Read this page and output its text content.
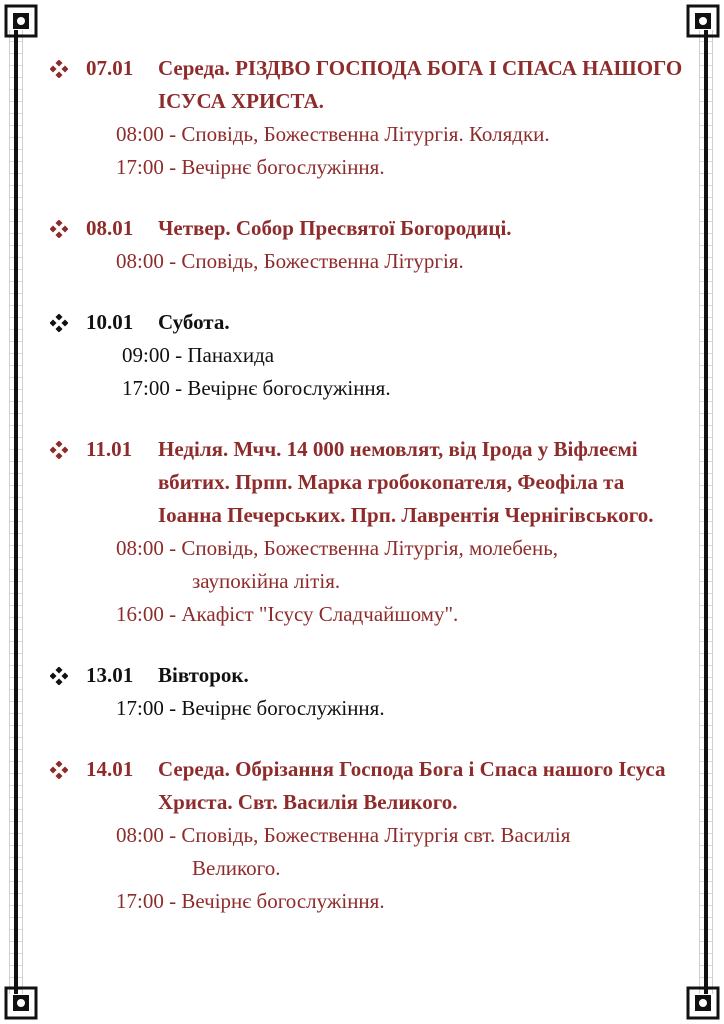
07.01	Середа. РІЗДВО ГОСПОДА БОГА І СПАСА НАШОГО ІСУСА ХРИСТА.
08:00 - Сповідь, Божественна Літургія. Колядки.
17:00 - Вечірнє богослужіння.
08.01	Четвер. Собор Пресвятої Богородиці.
08:00 - Сповідь, Божественна Літургія.
10.01	Субота.
09:00 - Панахида
17:00 - Вечірнє богослужіння.
11.01	Неділя. Мчч. 14 000 немовлят, від Ірода у Віфлеємі вбитих. Прпп. Марка гробокопателя, Феофіла та Іоанна Печерських. Прп. Лаврентія Чернігівського.
08:00 - Сповідь, Божественна Літургія, молебень,
заупокійна літія.
16:00 - Акафіст "Ісусу Сладчайшому".
13.01	Вівторок.
17:00 - Вечірнє богослужіння.
14.01	Середа. Обрізання Господа Бога і Спаса нашого Ісуса Христа. Свт. Василія Великого.
08:00 - Сповідь, Божественна Літургія свт. Василія
Великого.
17:00 - Вечірнє богослужіння.
